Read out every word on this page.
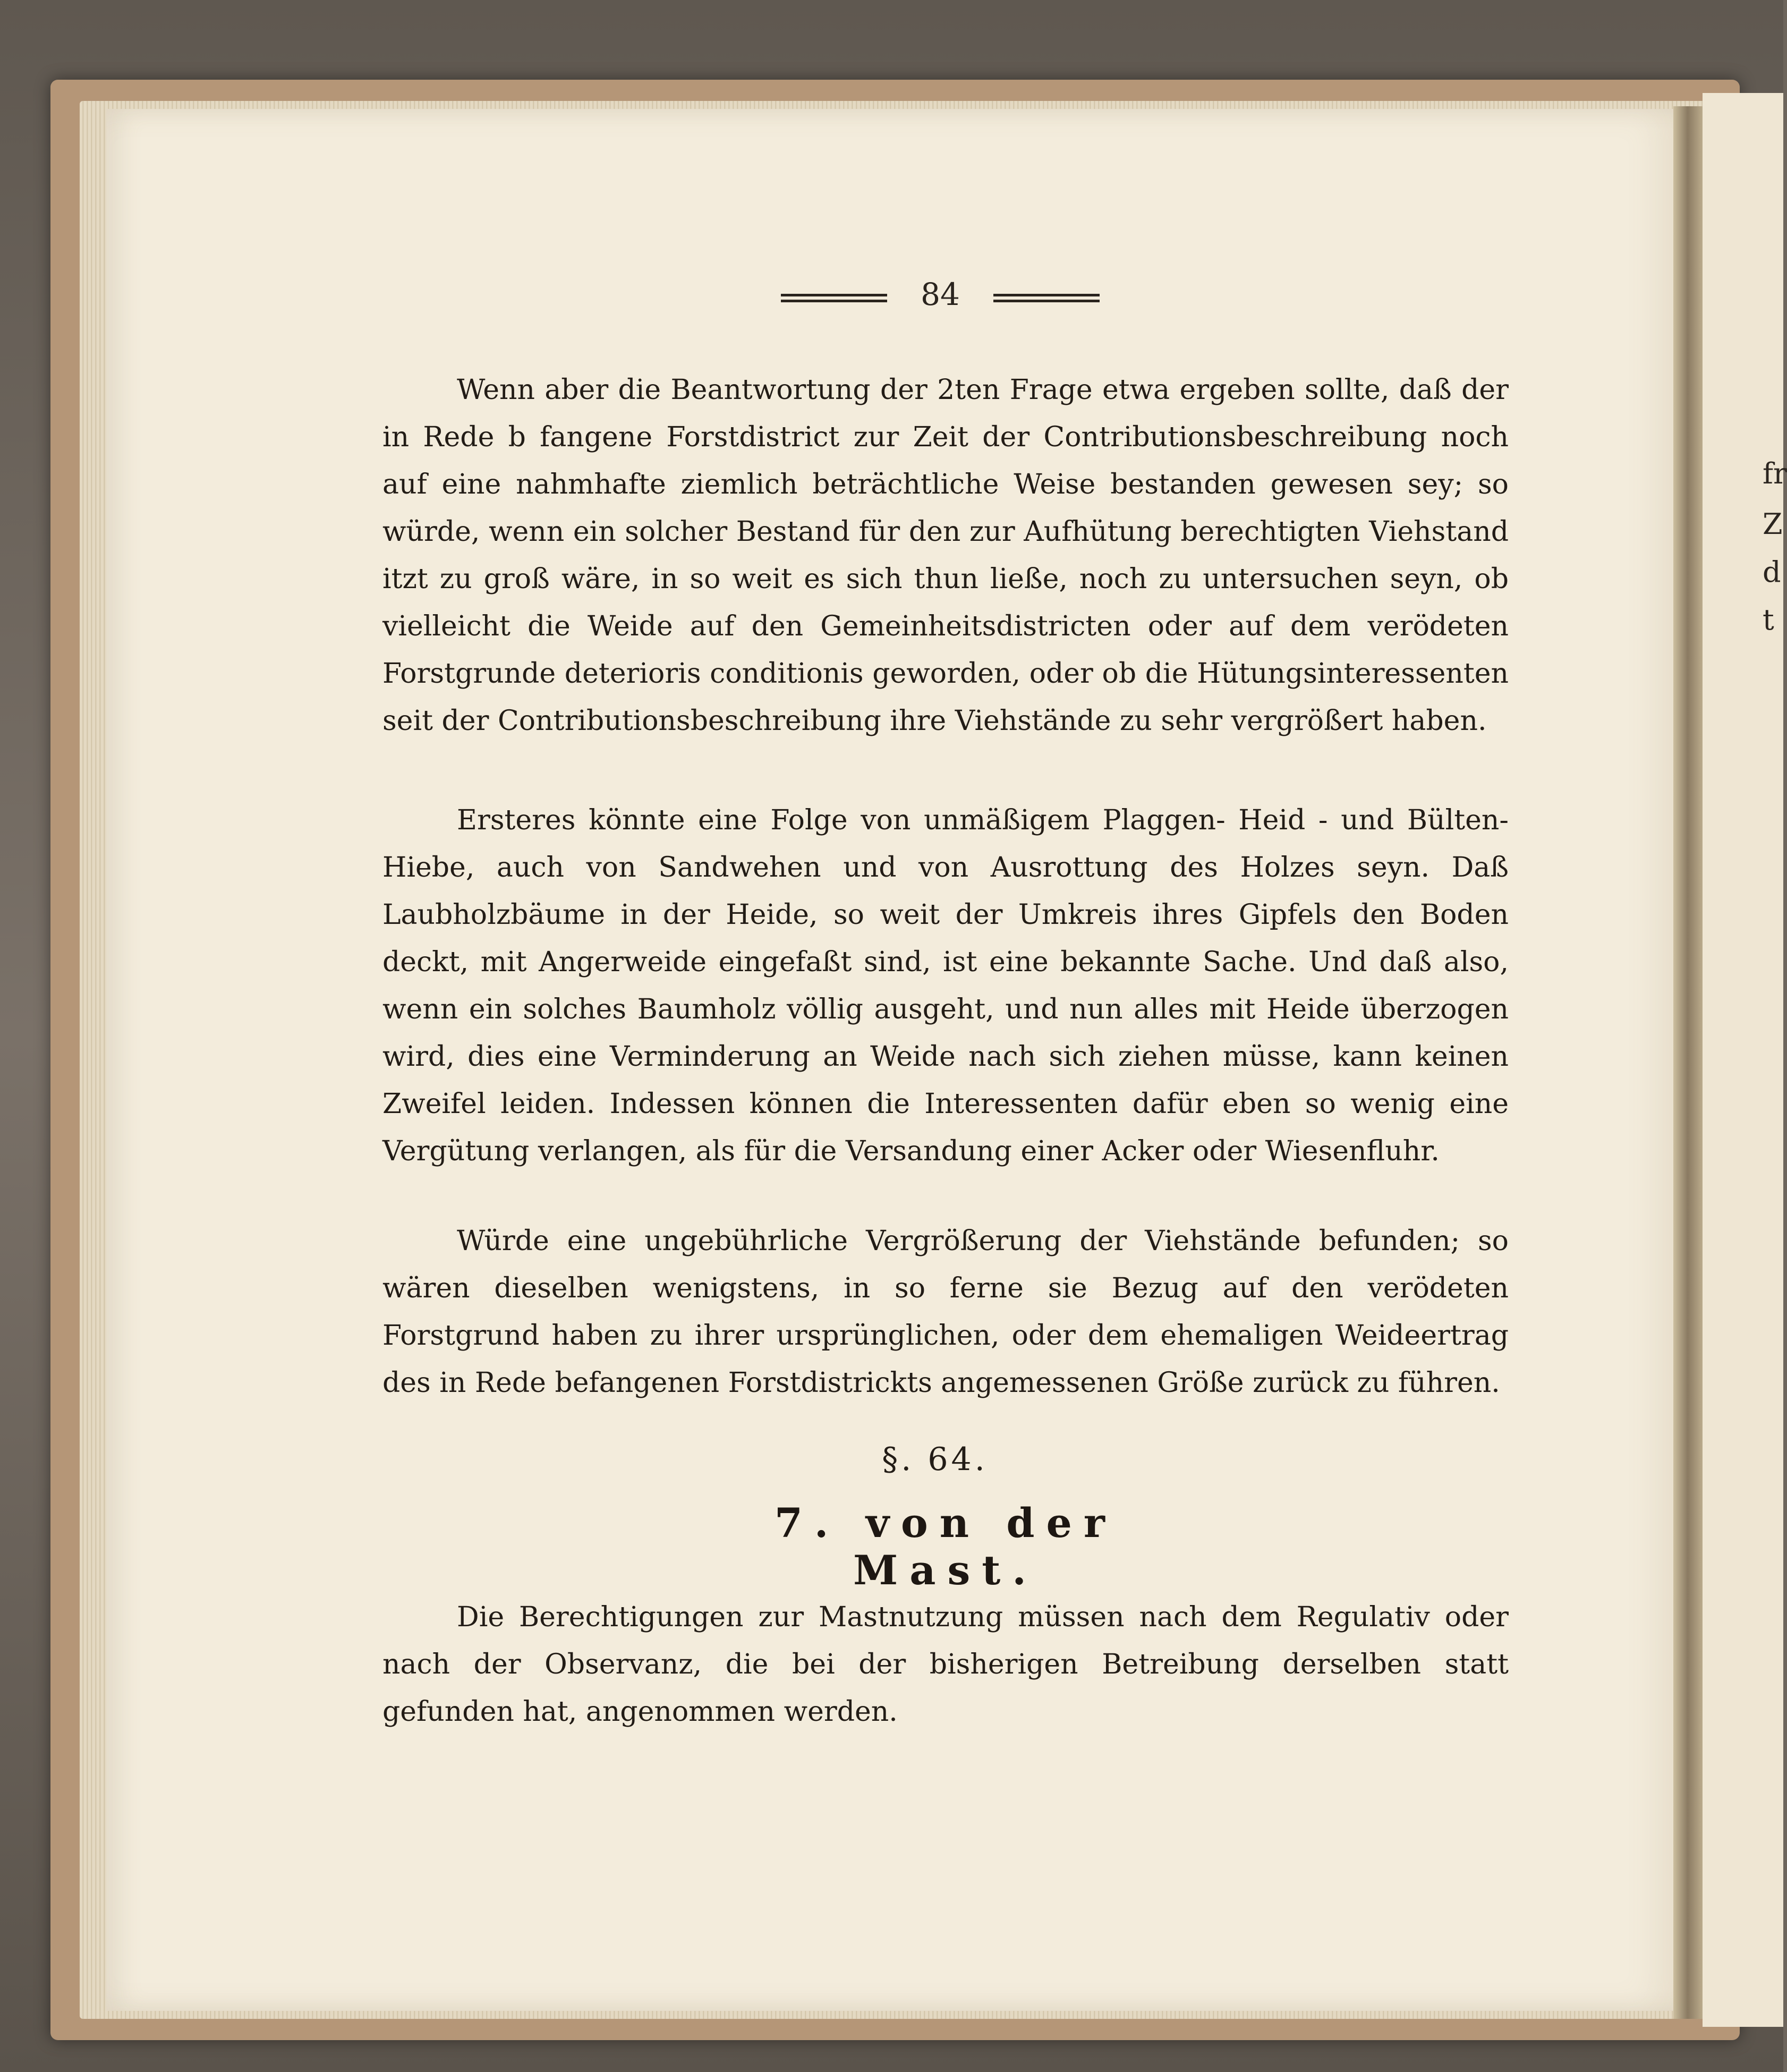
fr
Z
d
t
84

Wenn aber die Beantwortung der 2ten Frage etwa ergeben sollte, daß der in Rede b fangene Forstdistrict zur Zeit der Contributionsbeschreibung noch auf eine nahmhafte ziemlich beträchtliche Weise bestanden gewesen sey; so würde, wenn ein solcher Bestand für den zur Aufhütung berechtigten Viehstand itzt zu groß wäre, in so weit es sich thun ließe, noch zu untersuchen seyn, ob vielleicht die Weide auf den Gemeinheitsdistricten oder auf dem verödeten Forstgrunde deterioris conditionis geworden, oder ob die Hütungsinteressenten seit der Contributionsbeschreibung ihre Viehstände zu sehr vergrößert haben.

Ersteres könnte eine Folge von unmäßigem Plaggen- Heid - und Bülten-Hiebe, auch von Sandwehen und von Ausrottung des Holzes seyn. Daß Laubholzbäume in der Heide, so weit der Umkreis ihres Gipfels den Boden deckt, mit Angerweide eingefaßt sind, ist eine bekannte Sache. Und daß also, wenn ein solches Baumholz völlig ausgeht, und nun alles mit Heide überzogen wird, dies eine Verminderung an Weide nach sich ziehen müsse, kann keinen Zweifel leiden. Indessen können die Interessenten dafür eben so wenig eine Vergütung verlangen, als für die Versandung einer Acker oder Wiesenfluhr.

Würde eine ungebührliche Vergrößerung der Viehstände befunden; so wären dieselben wenigstens, in so ferne sie Bezug auf den verödeten Forstgrund haben zu ihrer ursprünglichen, oder dem ehemaligen Weideertrag des in Rede befangenen Forstdistrickts angemessenen Größe zurück zu führen.

§. 64.
7. von der Mast.

Die Berechtigungen zur Mastnutzung müssen nach dem Regulativ oder nach der Observanz, die bei der bisherigen Betreibung derselben statt gefunden hat, angenommen werden.
